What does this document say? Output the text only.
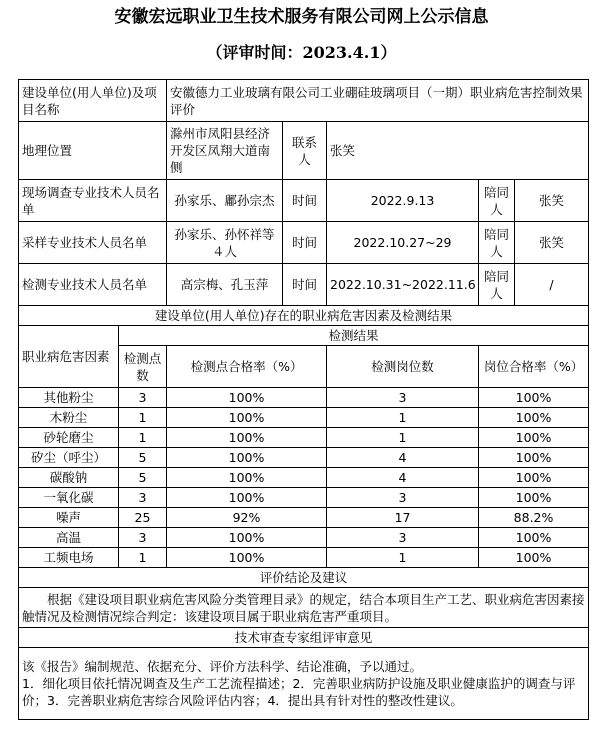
安徽宏远职业卫生技术服务有限公司网上公示信息
（评审时间：2023.4.1）
建设单位(用人单位)及项目名称		安徽德力工业玻璃有限公司工业硼硅玻璃项目（一期）职业病危害控制效果评价				
地理位置		滁州市凤阳县经济开发区凤翔大道南侧	联系人	张笑		
现场调查专业技术人员名单		孙家乐、鄘孙宗杰	时间	2022.9.13	陪同人	张笑
采样专业技术人员名单		孙家乐、孙怀祥等４人	时间	2022.10.27~29	陪同人	张笑
检测专业技术人员名单		高宗梅、孔玉萍	时间	2022.10.31~2022.11.6	陪同人	/
建设单位(用人单位)存在的职业病危害因素及检测结果						
职业病危害因素	检测结果					
	检测点数	检测点合格率（%）		检测岗位数	岗位合格率（%）	
其他粉尘	3	100%		3	100%	
木粉尘	1	100%		1	100%	
砂轮磨尘	1	100%		1	100%	
矽尘（呼尘）	5	100%		4	100%	
碳酸钠	5	100%		4	100%	
一氧化碳	3	100%		3	100%	
噪声	25	92%		17	88.2%	
高温	3	100%		3	100%	
工频电场	1	100%		1	100%	
评价结论及建议						
根据《建设项目职业病危害风险分类管理目录》的规定，结合本项目生产工艺、职业病危害因素接触情况及检测情况综合判定：该建设项目属于职业病危害严重项目。						
技术审查专家组评审意见						

该《报告》编制规范、依据充分、评价方法科学、结论准确，予以通过。
1．细化项目依托情况调查及生产工艺流程描述；2．完善职业病防护设施及职业健康监护的调查与评价；3．完善职业病危害综合风险评估内容；4．提出具有针对性的整改性建议。						
